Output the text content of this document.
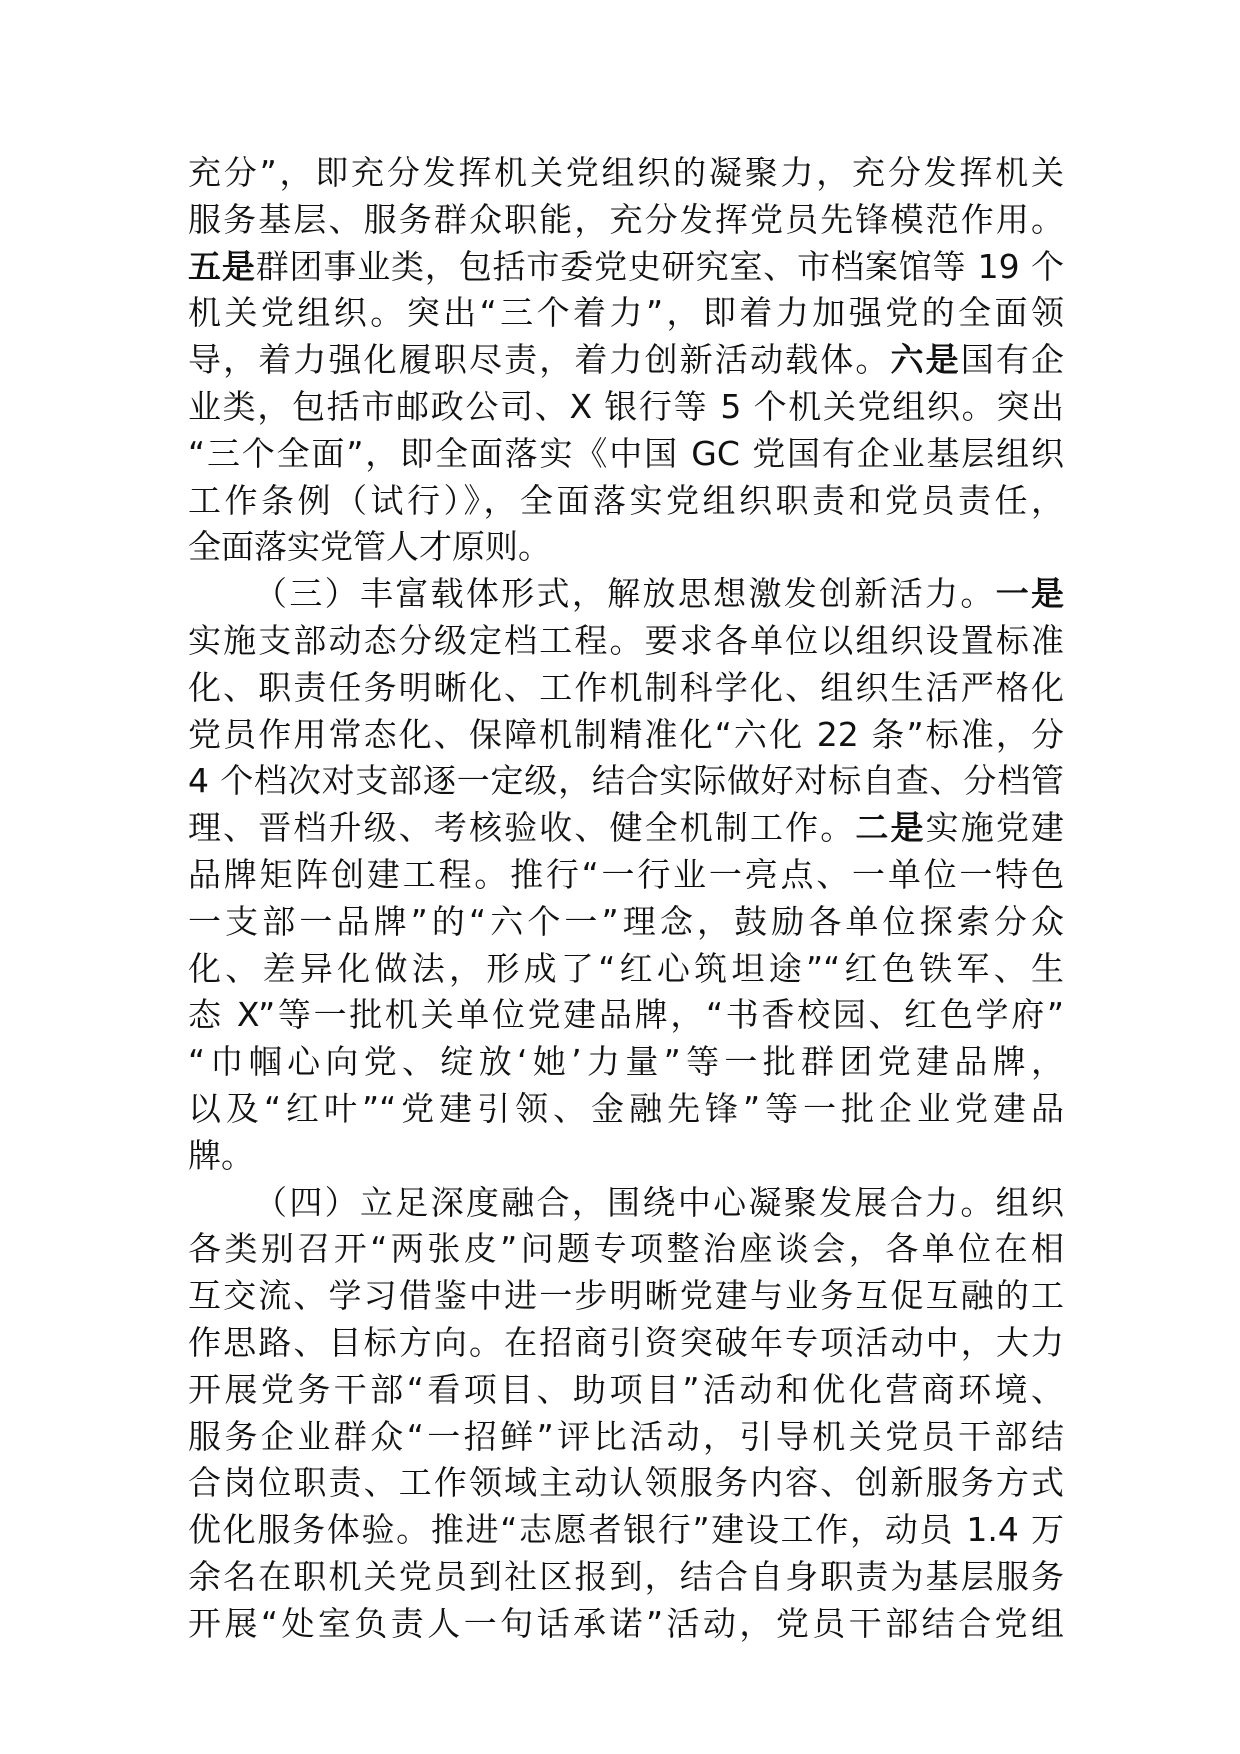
充分”，即充分发挥机关党组织的凝聚力，充分发挥机关
服务基层、服务群众职能，充分发挥党员先锋模范作用。
五是群团事业类，包括市委党史研究室、市档案馆等 19 个
机关党组织。突出“三个着力”，即着力加强党的全面领
导，着力强化履职尽责，着力创新活动载体。六是国有企
业类，包括市邮政公司、X 银行等 5 个机关党组织。突出
“三个全面”，即全面落实《中国 GC 党国有企业基层组织
工作条例（试行）》，全面落实党组织职责和党员责任，
全面落实党管人才原则。
（三）丰富载体形式，解放思想激发创新活力。一是
实施支部动态分级定档工程。要求各单位以组织设置标准
化、职责任务明晰化、工作机制科学化、组织生活严格化
党员作用常态化、保障机制精准化“六化 22 条”标准，分
4 个档次对支部逐一定级，结合实际做好对标自查、分档管
理、晋档升级、考核验收、健全机制工作。二是实施党建
品牌矩阵创建工程。推行“一行业一亮点、一单位一特色
一支部一品牌”的“六个一”理念，鼓励各单位探索分众
化、差异化做法，形成了“红心筑坦途”“红色铁军、生
态 X”等一批机关单位党建品牌，“书香校园、红色学府”
“巾帼心向党、绽放‘她’力量”等一批群团党建品牌，
以及“红叶”“党建引领、金融先锋”等一批企业党建品
牌。
（四）立足深度融合，围绕中心凝聚发展合力。组织
各类别召开“两张皮”问题专项整治座谈会，各单位在相
互交流、学习借鉴中进一步明晰党建与业务互促互融的工
作思路、目标方向。在招商引资突破年专项活动中，大力
开展党务干部“看项目、助项目”活动和优化营商环境、
服务企业群众“一招鲜”评比活动，引导机关党员干部结
合岗位职责、工作领域主动认领服务内容、创新服务方式
优化服务体验。推进“志愿者银行”建设工作，动员 1.4 万
余名在职机关党员到社区报到，结合自身职责为基层服务
开展“处室负责人一句话承诺”活动，党员干部结合党组
